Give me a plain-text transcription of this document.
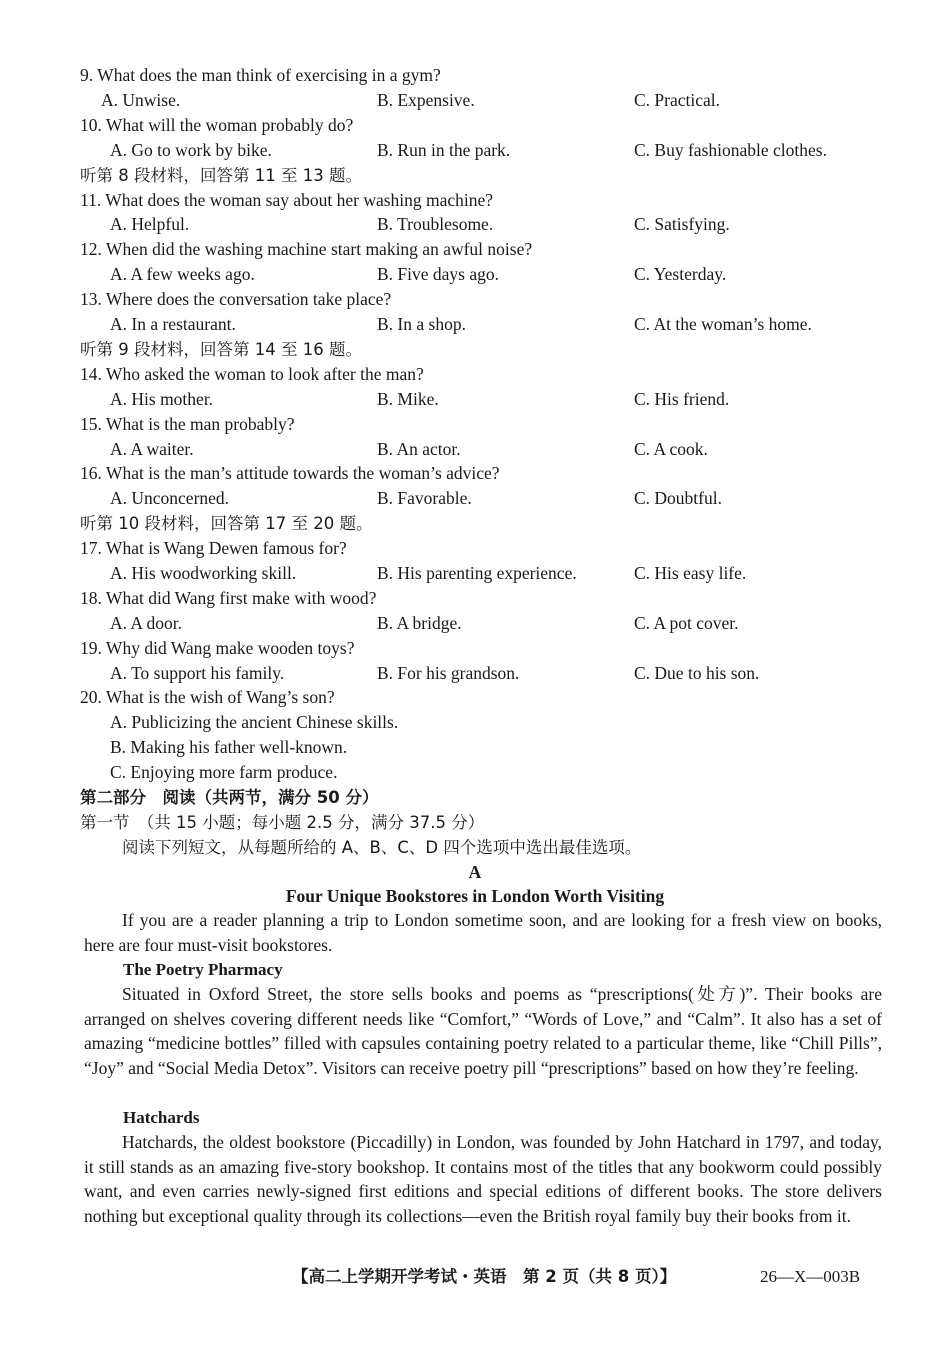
9. What does the man think of exercising in a gym?
A. Unwise.	B. Expensive.	C. Practical.
10. What will the woman probably do?
A. Go to work by bike.	B. Run in the park.	C. Buy fashionable clothes.
听第 8 段材料，回答第 11 至 13 题。
11. What does the woman say about her washing machine?
A. Helpful.	B. Troublesome.	C. Satisfying.
12. When did the washing machine start making an awful noise?
A. A few weeks ago.	B. Five days ago.	C. Yesterday.
13. Where does the conversation take place?
A. In a restaurant.	B. In a shop.	C. At the woman’s home.
听第 9 段材料，回答第 14 至 16 题。
14. Who asked the woman to look after the man?
A. His mother.	B. Mike.	C. His friend.
15. What is the man probably?
A. A waiter.	B. An actor.	C. A cook.
16. What is the man’s attitude towards the woman’s advice?
A. Unconcerned.	B. Favorable.	C. Doubtful.
听第 10 段材料，回答第 17 至 20 题。
17. What is Wang Dewen famous for?
A. His woodworking skill.	B. His parenting experience.	C. His easy life.
18. What did Wang first make with wood?
A. A door.	B. A bridge.	C. A pot cover.
19. Why did Wang make wooden toys?
A. To support his family.	B. For his grandson.	C. Due to his son.
20. What is the wish of Wang’s son?
A. Publicizing the ancient Chinese skills.
B. Making his father well-known.
C. Enjoying more farm produce.
第二部分　阅读（共两节，满分 50 分）
第一节　（共 15 小题；每小题 2.5 分，满分 37.5 分）
阅读下列短文，从每题所给的 A、B、C、D 四个选项中选出最佳选项。
A
Four Unique Bookstores in London Worth Visiting
If you are a reader planning a trip to London sometime soon, and are looking for a fresh view on books, here are four must-visit bookstores.
The Poetry Pharmacy
Situated in Oxford Street, the store sells books and poems as “prescriptions(处方)”. Their books are arranged on shelves covering different needs like “Comfort,” “Words of Love,” and “Calm”. It also has a set of amazing “medicine bottles” filled with capsules containing poetry related to a particular theme, like “Chill Pills”, “Joy” and “Social Media Detox”. Visitors can receive poetry pill “prescriptions” based on how they’re feeling.
Hatchards
Hatchards, the oldest bookstore (Piccadilly) in London, was founded by John Hatchard in 1797, and today, it still stands as an amazing five-story bookshop. It contains most of the titles that any bookworm could possibly want, and even carries newly-signed first editions and special editions of different books. The store delivers nothing but exceptional quality through its collections—even the British royal family buy their books from it.
【高二上学期开学考试・英语　第 2 页（共 8 页）】	26—X—003B
